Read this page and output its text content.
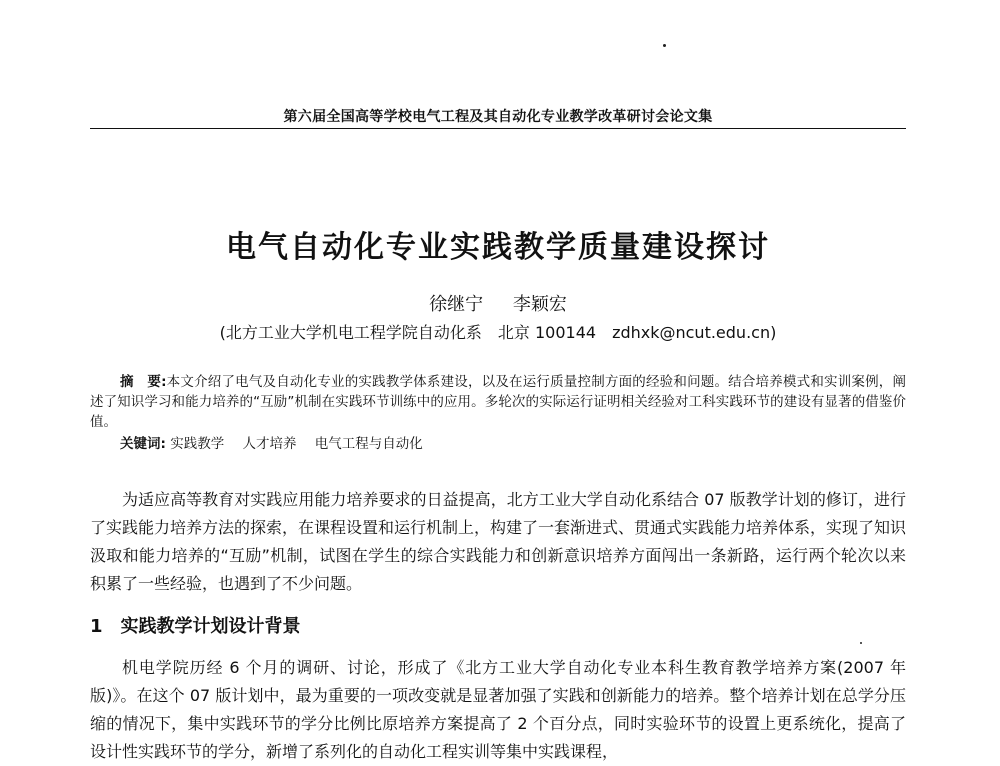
第六届全国高等学校电气工程及其自动化专业教学改革研讨会论文集
电气自动化专业实践教学质量建设探讨
徐继宁 李颖宏
(北方工业大学机电工程学院自动化系　北京 100144　zdhxk@ncut.edu.cn)
摘　要:本文介绍了电气及自动化专业的实践教学体系建设，以及在运行质量控制方面的经验和问题。结合培养模式和实训案例，阐述了知识学习和能力培养的“互励”机制在实践环节训练中的应用。多轮次的实际运行证明相关经验对工科实践环节的建设有显著的借鉴价值。
关键词: 实践教学 人才培养 电气工程与自动化
为适应高等教育对实践应用能力培养要求的日益提高，北方工业大学自动化系结合 07 版教学计划的修订，进行了实践能力培养方法的探索，在课程设置和运行机制上，构建了一套渐进式、贯通式实践能力培养体系，实现了知识汲取和能力培养的“互励”机制，试图在学生的综合实践能力和创新意识培养方面闯出一条新路，运行两个轮次以来积累了一些经验，也遇到了不少问题。
1 实践教学计划设计背景
机电学院历经 6 个月的调研、讨论，形成了《北方工业大学自动化专业本科生教育教学培养方案(2007 年版)》。在这个 07 版计划中，最为重要的一项改变就是显著加强了实践和创新能力的培养。整个培养计划在总学分压缩的情况下，集中实践环节的学分比例比原培养方案提高了 2 个百分点，同时实验环节的设置上更系统化，提高了设计性实践环节的学分，新增了系列化的自动化工程实训等集中实践课程，
